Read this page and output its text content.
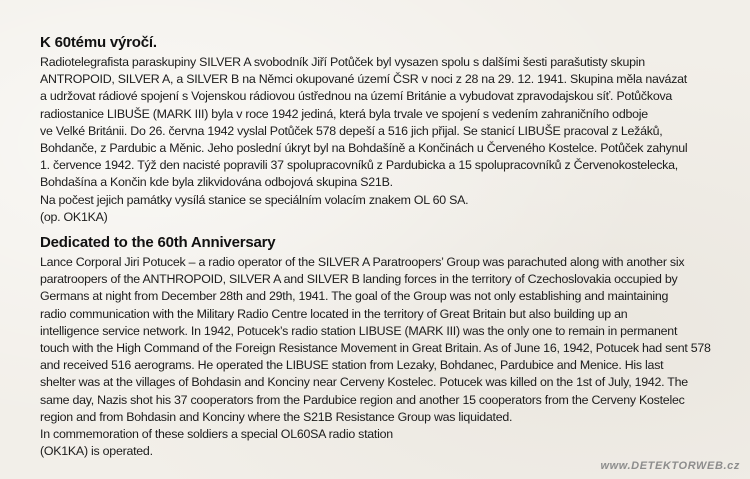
K 60tému výročí.
Radiotelegrafista paraskupiny SILVER A svobodník Jiří Potůček byl vysazen spolu s dalšími šesti parašutisty skupin
ANTROPOID, SILVER A, a SILVER B na Němci okupované území ČSR v noci z 28 na 29. 12. 1941. Skupina měla navázat
a udržovat rádiové spojení s Vojenskou rádiovou ústřednou na území Británie a vybudovat zpravodajskou síť. Potůčkova
radiostanice LIBUŠE (MARK III) byla v roce 1942 jediná, která byla trvale ve spojení s vedením zahraničního odboje
ve Velké Británii. Do 26. června 1942 vyslal Potůček 578 depeší a 516 jich přijal. Se stanicí LIBUŠE pracoval z Ležáků,
Bohdanče, z Pardubic a Měnic. Jeho poslední úkryt byl na Bohdašíně a Končinách u Červeného Kostelce. Potůček zahynul
1. července 1942. Týž den nacisté popravili 37 spolupracovníků z Pardubicka a 15 spolupracovníků z Červenokostelecka,
Bohdašína a Končin kde byla zlikvidována odbojová skupina S21B.
Na počest jejich památky vysílá stanice se speciálním volacím znakem OL 60 SA.
(op. OK1KA)
Dedicated to the 60th Anniversary
Lance Corporal Jiri Potucek – a radio operator of the SILVER A Paratroopers’ Group was parachuted along with another six
paratroopers of the ANTHROPOID, SILVER A and SILVER B landing forces in the territory of Czechoslovakia occupied by
Germans at night from December 28th and 29th, 1941. The goal of the Group was not only establishing and maintaining
radio communication with the Military Radio Centre located in the territory of Great Britain but also building up an
intelligence service network. In 1942, Potucek’s radio station LIBUSE (MARK III) was the only one to remain in permanent
touch with the High Command of the Foreign Resistance Movement in Great Britain. As of June 16, 1942, Potucek had sent 578
and received 516 aerograms. He operated the LIBUSE station from Lezaky, Bohdanec, Pardubice and Menice. His last
shelter was at the villages of Bohdasin and Konciny near Cerveny Kostelec. Potucek was killed on the 1st of July, 1942. The
same day, Nazis shot his 37 cooperators from the Pardubice region and another 15 cooperators from the Cerveny Kostelec
region and from Bohdasin and Konciny where the S21B Resistance Group was liquidated.
In commemoration of these soldiers a special OL60SA radio station
(OK1KA) is operated.
www.DETEKTORWEB.cz
